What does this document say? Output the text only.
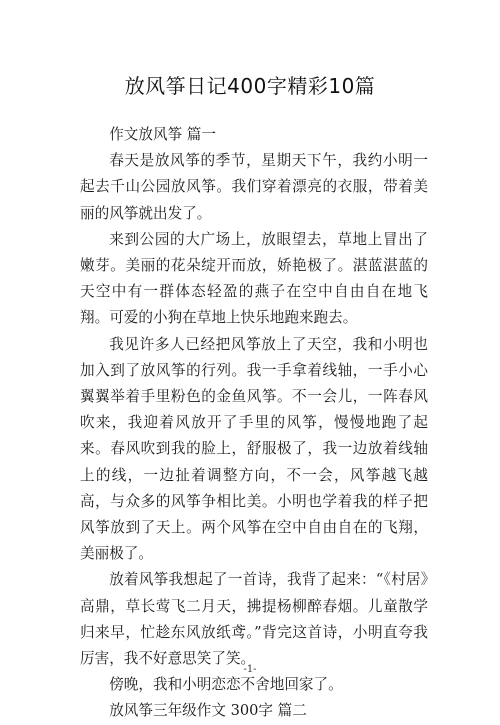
放风筝日记400字精彩10篇

作文放风筝 篇一

春天是放风筝的季节，星期天下午，我约小明一起去千山公园放风筝。我们穿着漂亮的衣服，带着美丽的风筝就出发了。

来到公园的大广场上，放眼望去，草地上冒出了嫩芽。美丽的花朵绽开而放，娇艳极了。湛蓝湛蓝的天空中有一群体态轻盈的燕子在空中自由自在地飞翔。可爱的小狗在草地上快乐地跑来跑去。

我见许多人已经把风筝放上了天空，我和小明也加入到了放风筝的行列。我一手拿着线轴，一手小心翼翼举着手里粉色的金鱼风筝。不一会儿，一阵春风吹来，我迎着风放开了手里的风筝，慢慢地跑了起来。春风吹到我的脸上，舒服极了，我一边放着线轴上的线，一边扯着调整方向，不一会，风筝越飞越高，与众多的风筝争相比美。小明也学着我的样子把风筝放到了天上。两个风筝在空中自由自在的飞翔，美丽极了。

放着风筝我想起了一首诗，我背了起来：“《村居》高鼎，草长莺飞二月天，拂提杨柳醉春烟。儿童散学归来早，忙趁东风放纸鸢。”背完这首诗，小明直夸我厉害，我不好意思笑了笑。

傍晚，我和小明恋恋不舍地回家了。

放风筝三年级作文 300字 篇二

-1-
